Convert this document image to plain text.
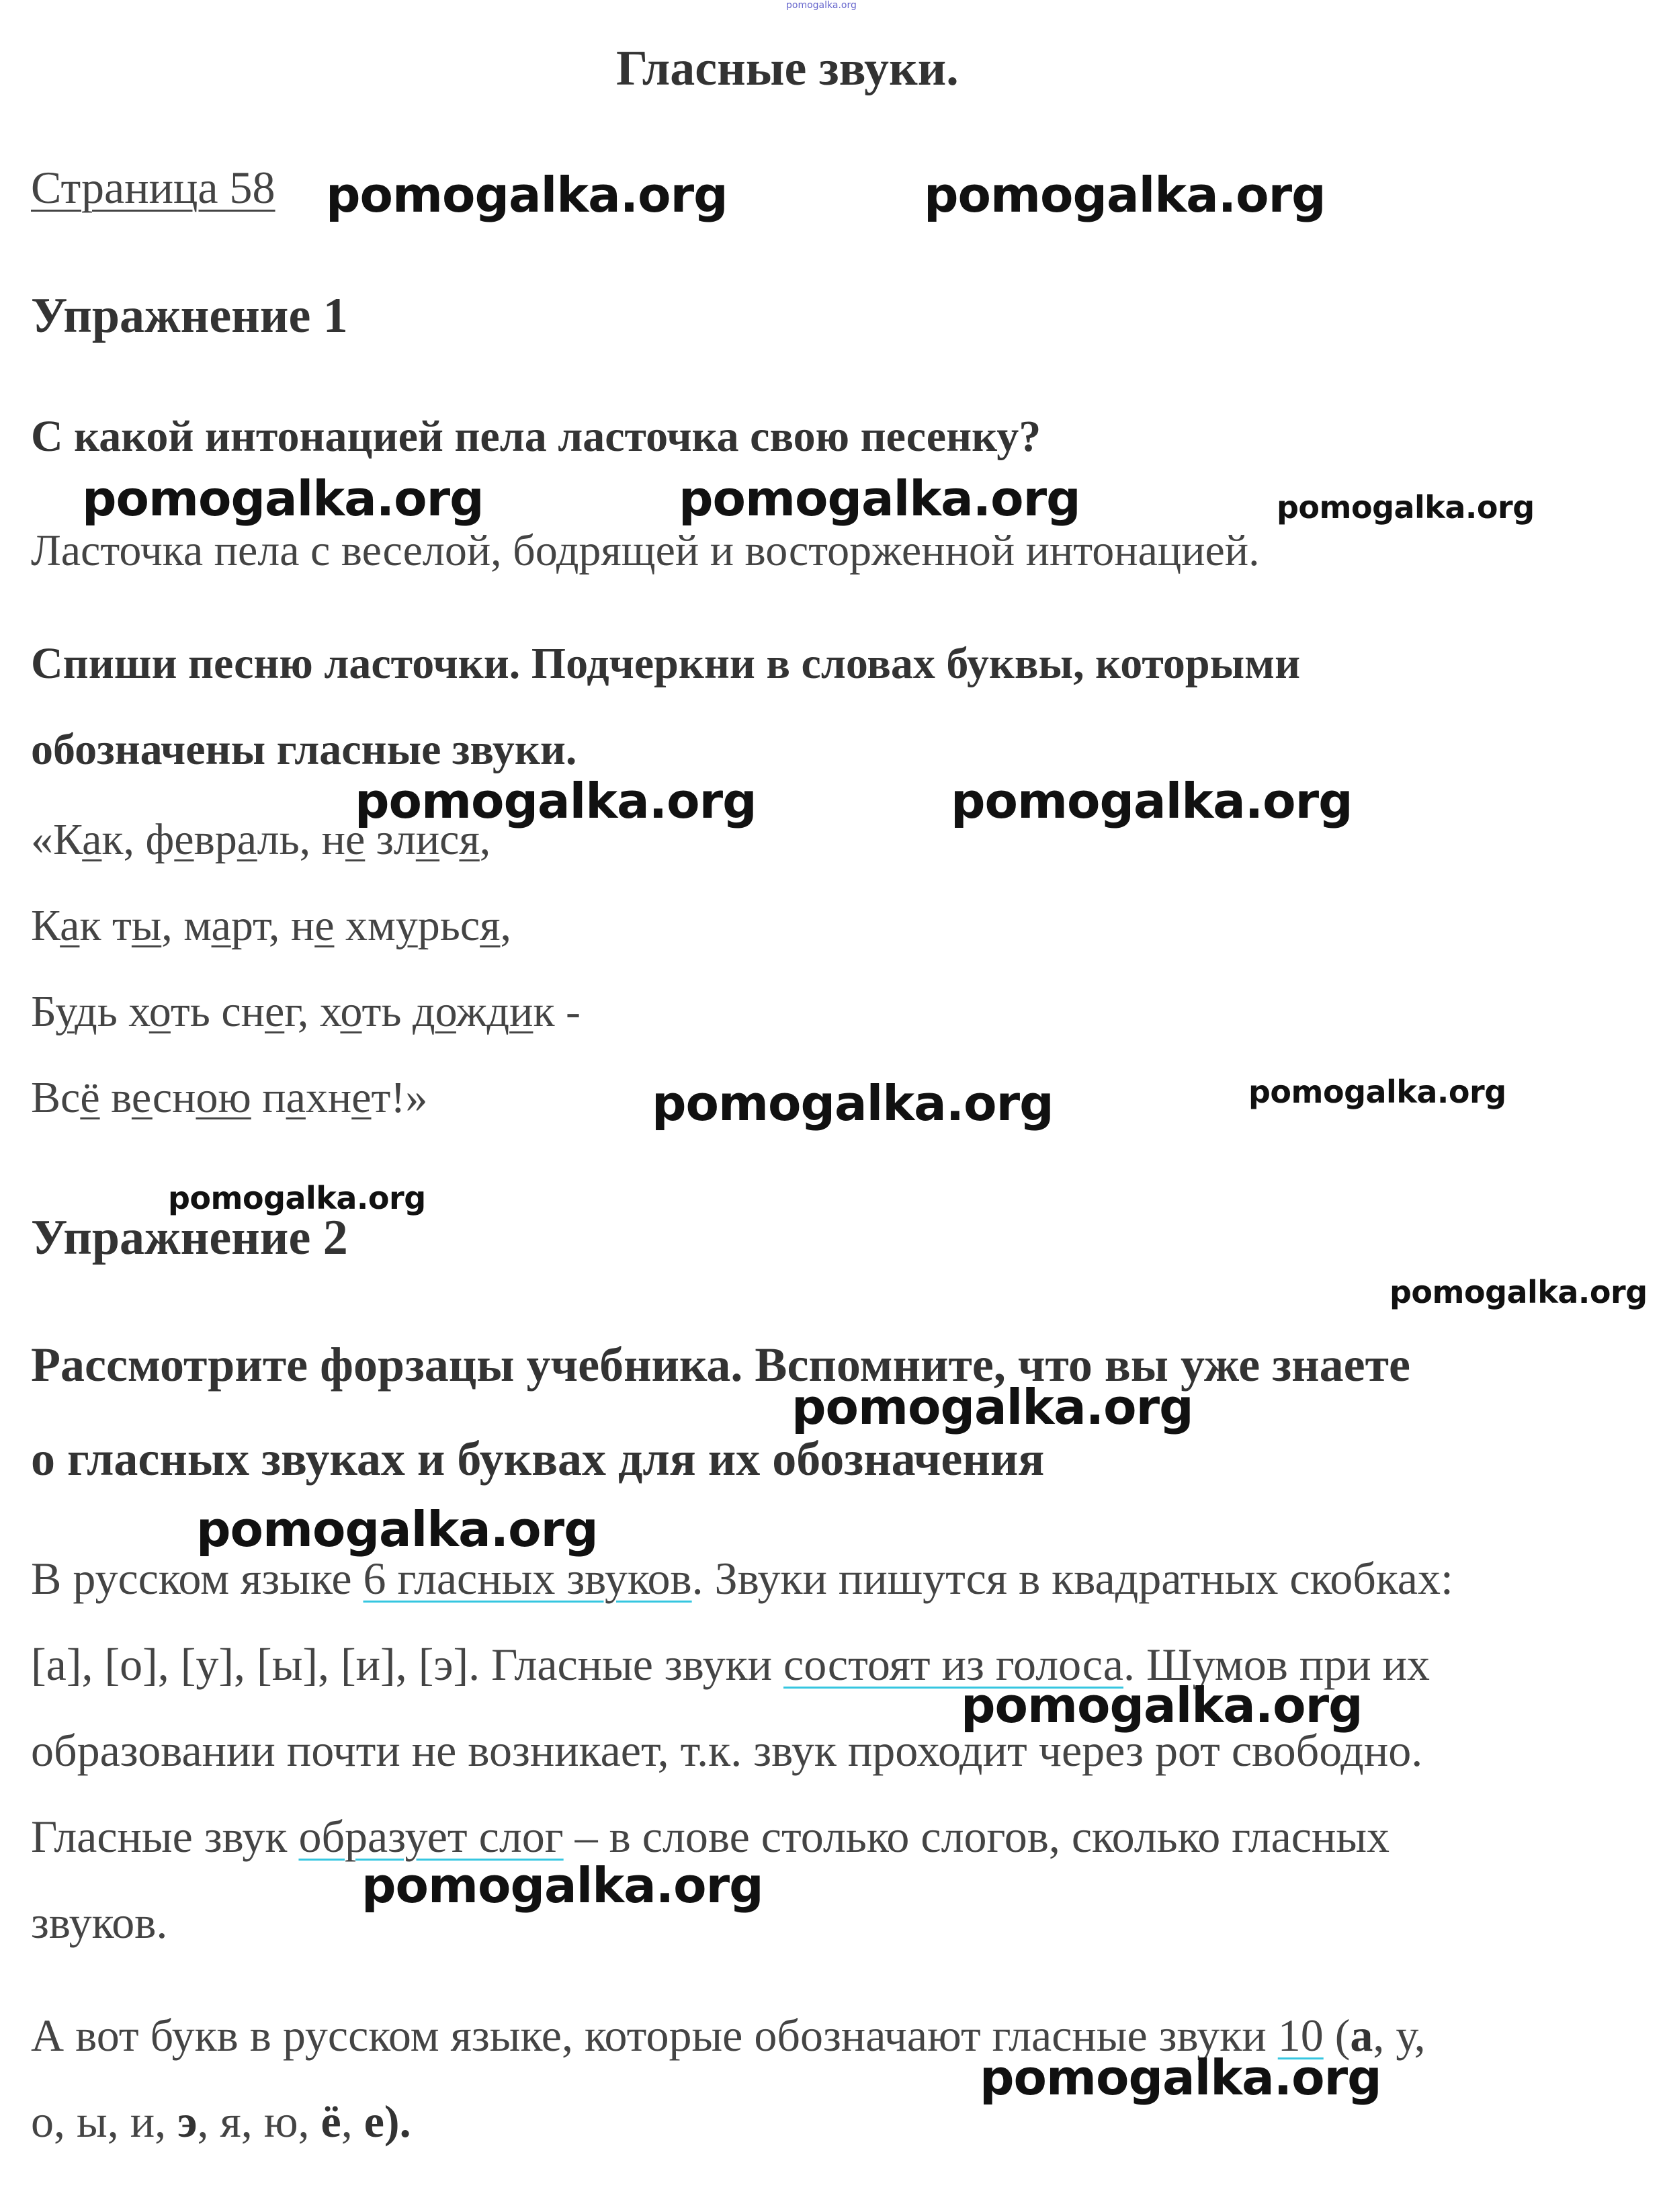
pomogalka.org
Гласные звуки.
Страница 58 pomogalka.org	pomogalka.org
Упражнение 1
С какой интонацией пела ласточка свою песенку?
pomogalka.org	pomogalka.org	pomogalka.org
Ласточка пела с веселой, бодрящей и восторженной интонацией.
Спиши песню ласточки. Подчеркни в словах буквы, которыми
обозначены гласные звуки.
pomogalka.org	pomogalka.org
«Как, февраль, не злися,
Как ты, март, не хмурься,
Будь хоть снег, хоть дождик -
Всё весною пахнет!»	pomogalka.org	pomogalka.org
pomogalka.org
Упражнение 2
pomogalka.org
Рассмотрите форзацы учебника. Вспомните, что вы уже знаете
pomogalka.org
о гласных звуках и буквах для их обозначения
pomogalka.org
В русском языке 6 гласных звуков. Звуки пишутся в квадратных скобках:
[а], [о], [у], [ы], [и], [э]. Гласные звуки состоят из голоса. Шумов при их
pomogalka.org
образовании почти не возникает, т.к. звук проходит через рот свободно.
Гласные звук образует слог – в слове столько слогов, сколько гласных
pomogalka.org
звуков.
А вот букв в русском языке, которые обозначают гласные звуки 10 (а, у,
pomogalka.org
о, ы, и, э, я, ю, ё, е).
